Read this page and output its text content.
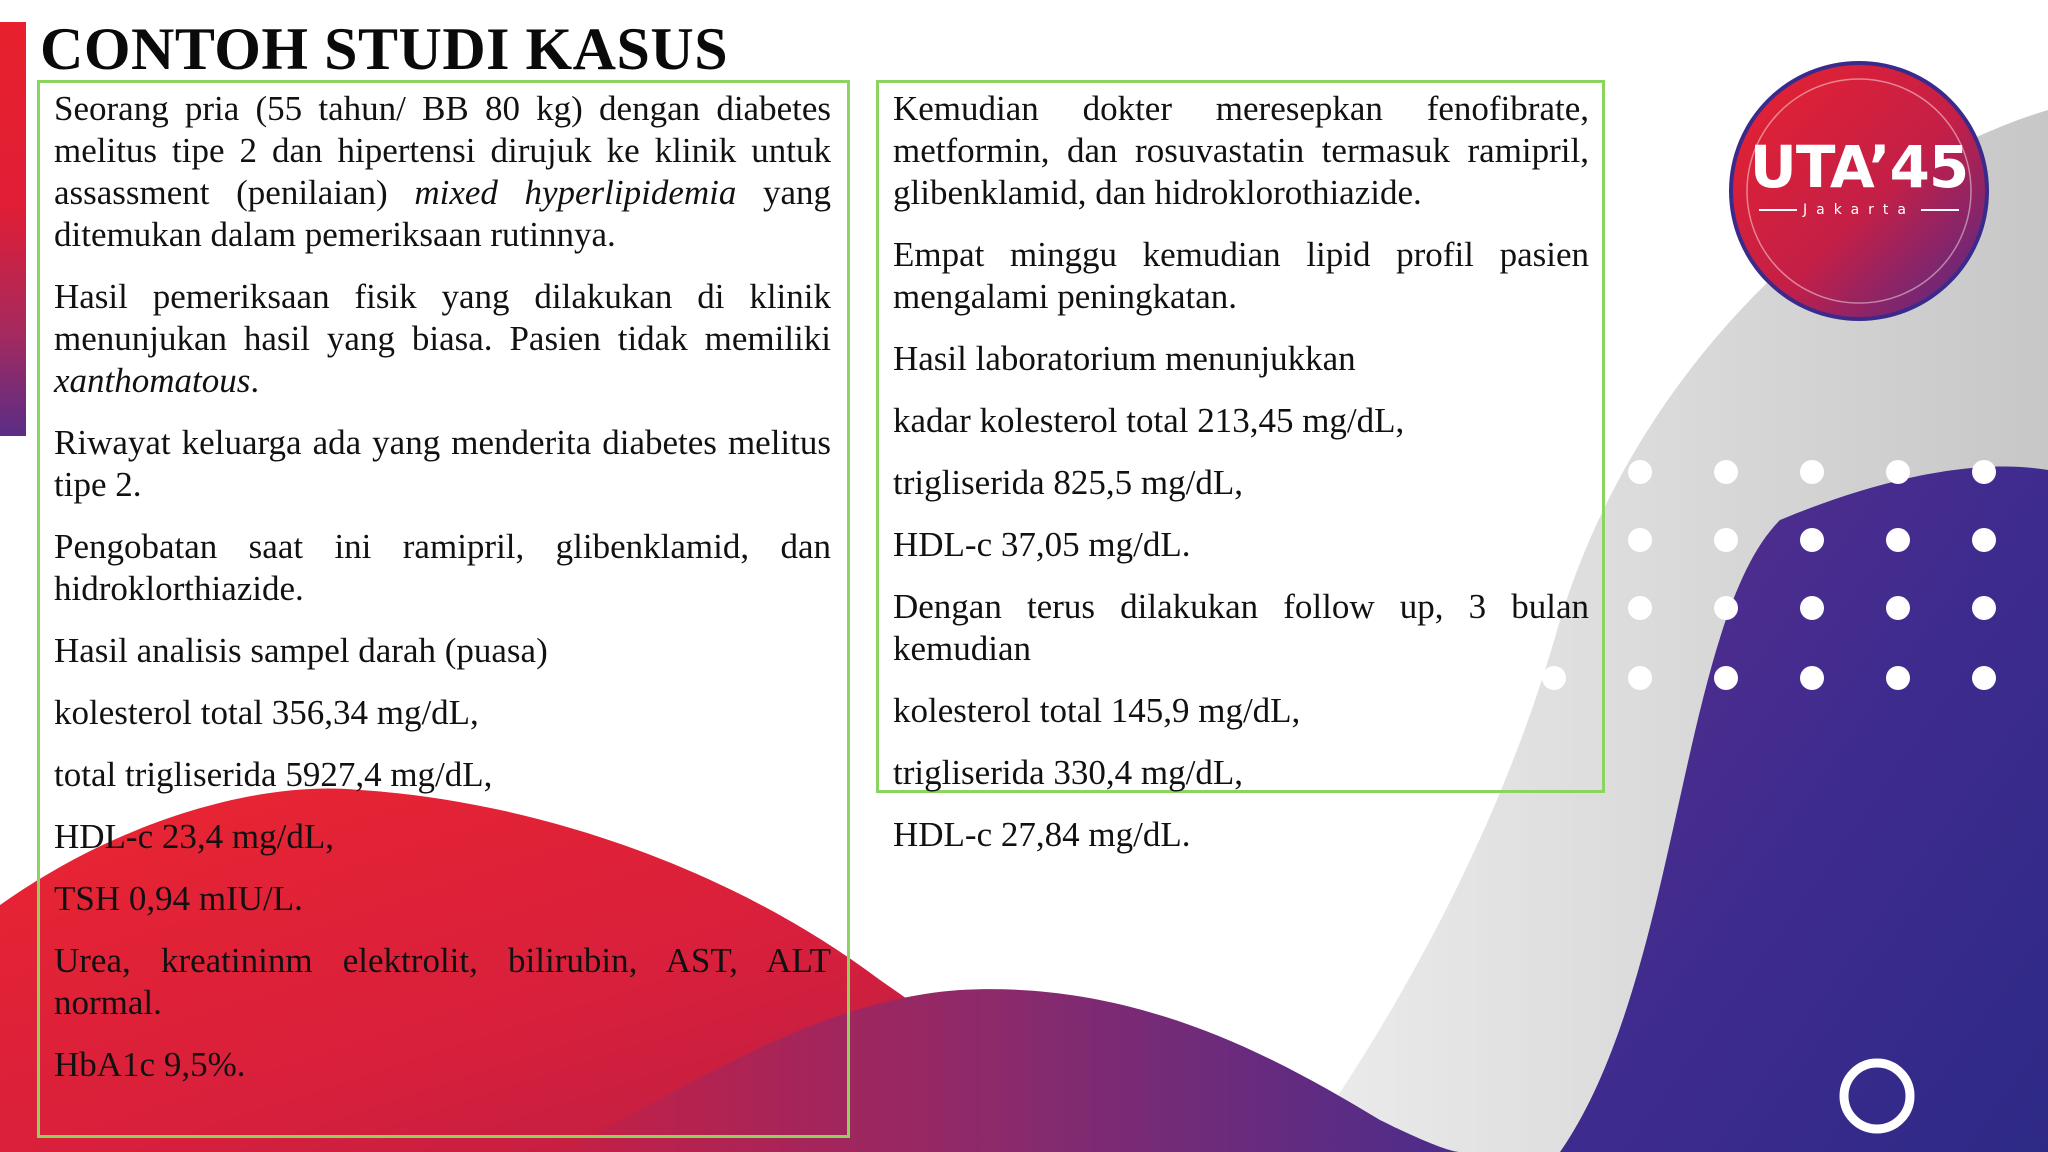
CONTOH STUDI KASUS

Seorang pria (55 tahun/ BB 80 kg) dengan diabetes melitus tipe 2 dan hipertensi dirujuk ke klinik untuk assassment (penilaian) mixed hyperlipidemia yang ditemukan dalam pemeriksaan rutinnya.

Hasil pemeriksaan fisik yang dilakukan di klinik menunjukan hasil yang biasa. Pasien tidak memiliki xanthomatous.

Riwayat keluarga ada yang menderita diabetes melitus tipe 2.

Pengobatan saat ini ramipril, glibenklamid, dan hidroklorthiazide.

Hasil analisis sampel darah (puasa)

kolesterol total 356,34 mg/dL,

total trigliserida 5927,4 mg/dL,

HDL-c 23,4 mg/dL,

TSH 0,94 mIU/L.

Urea, kreatininm elektrolit, bilirubin, AST, ALT normal.

HbA1c 9,5%.

Kemudian dokter meresepkan fenofibrate, metformin, dan rosuvastatin termasuk ramipril, glibenklamid, dan hidroklorothiazide.

Empat minggu kemudian lipid profil pasien mengalami peningkatan.

Hasil laboratorium menunjukkan

kadar kolesterol total 213,45 mg/dL,

trigliserida 825,5 mg/dL,

HDL-c 37,05 mg/dL.

Dengan terus dilakukan follow up, 3 bulan kemudian

kolesterol total 145,9 mg/dL,

trigliserida 330,4 mg/dL,

HDL-c 27,84 mg/dL.

UTA’45
Jakarta
